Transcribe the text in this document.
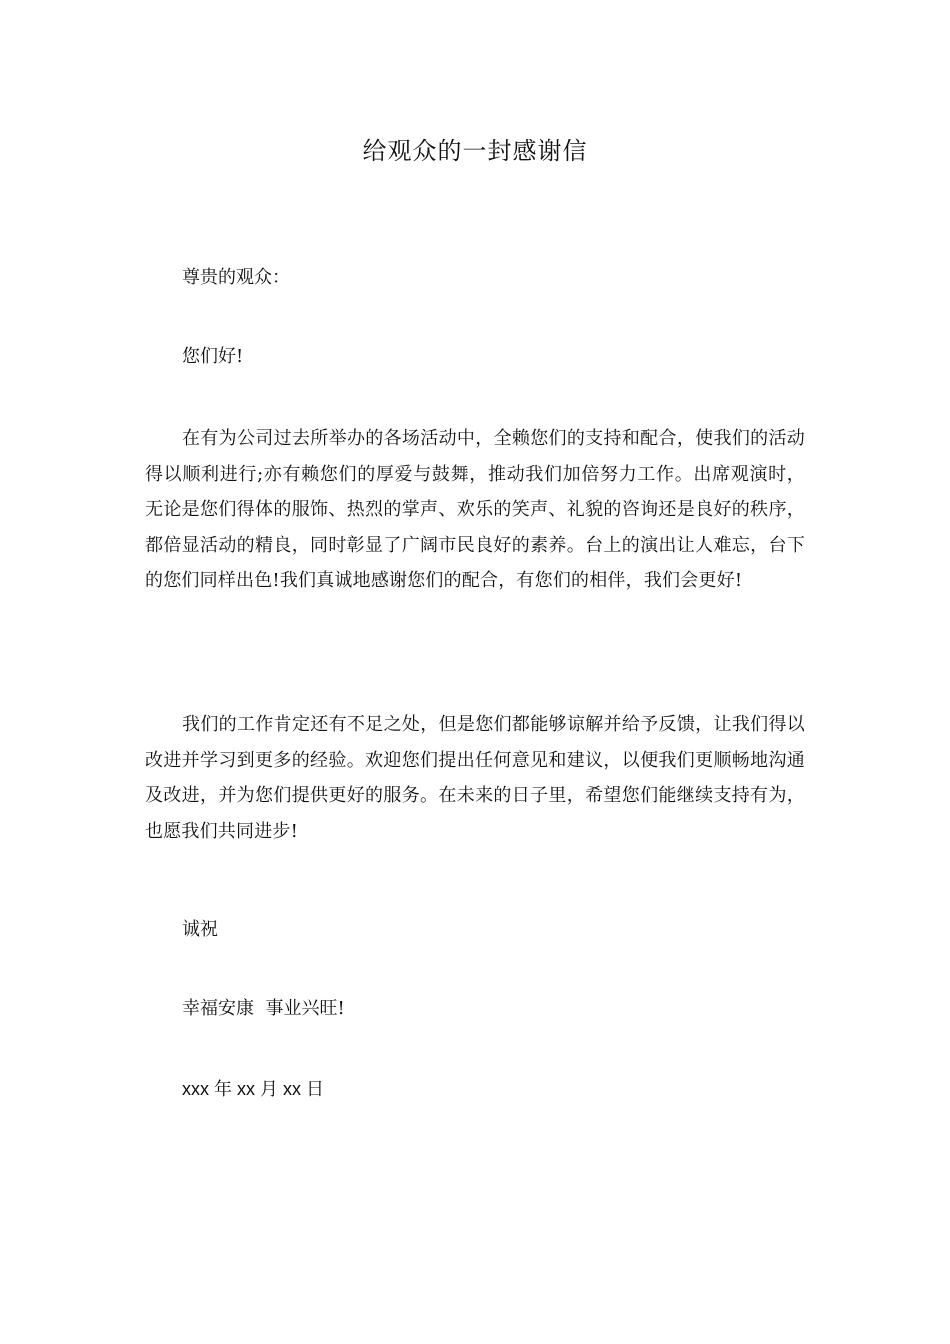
给观众的一封感谢信
尊贵的观众：
您们好!
在有为公司过去所举办的各场活动中，全赖您们的支持和配合，使我们的活动得以顺利进行;亦有赖您们的厚爱与鼓舞，推动我们加倍努力工作。出席观演时，无论是您们得体的服饰、热烈的掌声、欢乐的笑声、礼貌的咨询还是良好的秩序，都倍显活动的精良，同时彰显了广阔市民良好的素养。台上的演出让人难忘，台下的您们同样出色!我们真诚地感谢您们的配合，有您们的相伴，我们会更好!
我们的工作肯定还有不足之处，但是您们都能够谅解并给予反馈，让我们得以改进并学习到更多的经验。欢迎您们提出任何意见和建议，以便我们更顺畅地沟通及改进，并为您们提供更好的服务。在未来的日子里，希望您们能继续支持有为，也愿我们共同进步!
诚祝
幸福安康  事业兴旺!
xxx 年 xx 月 xx 日
